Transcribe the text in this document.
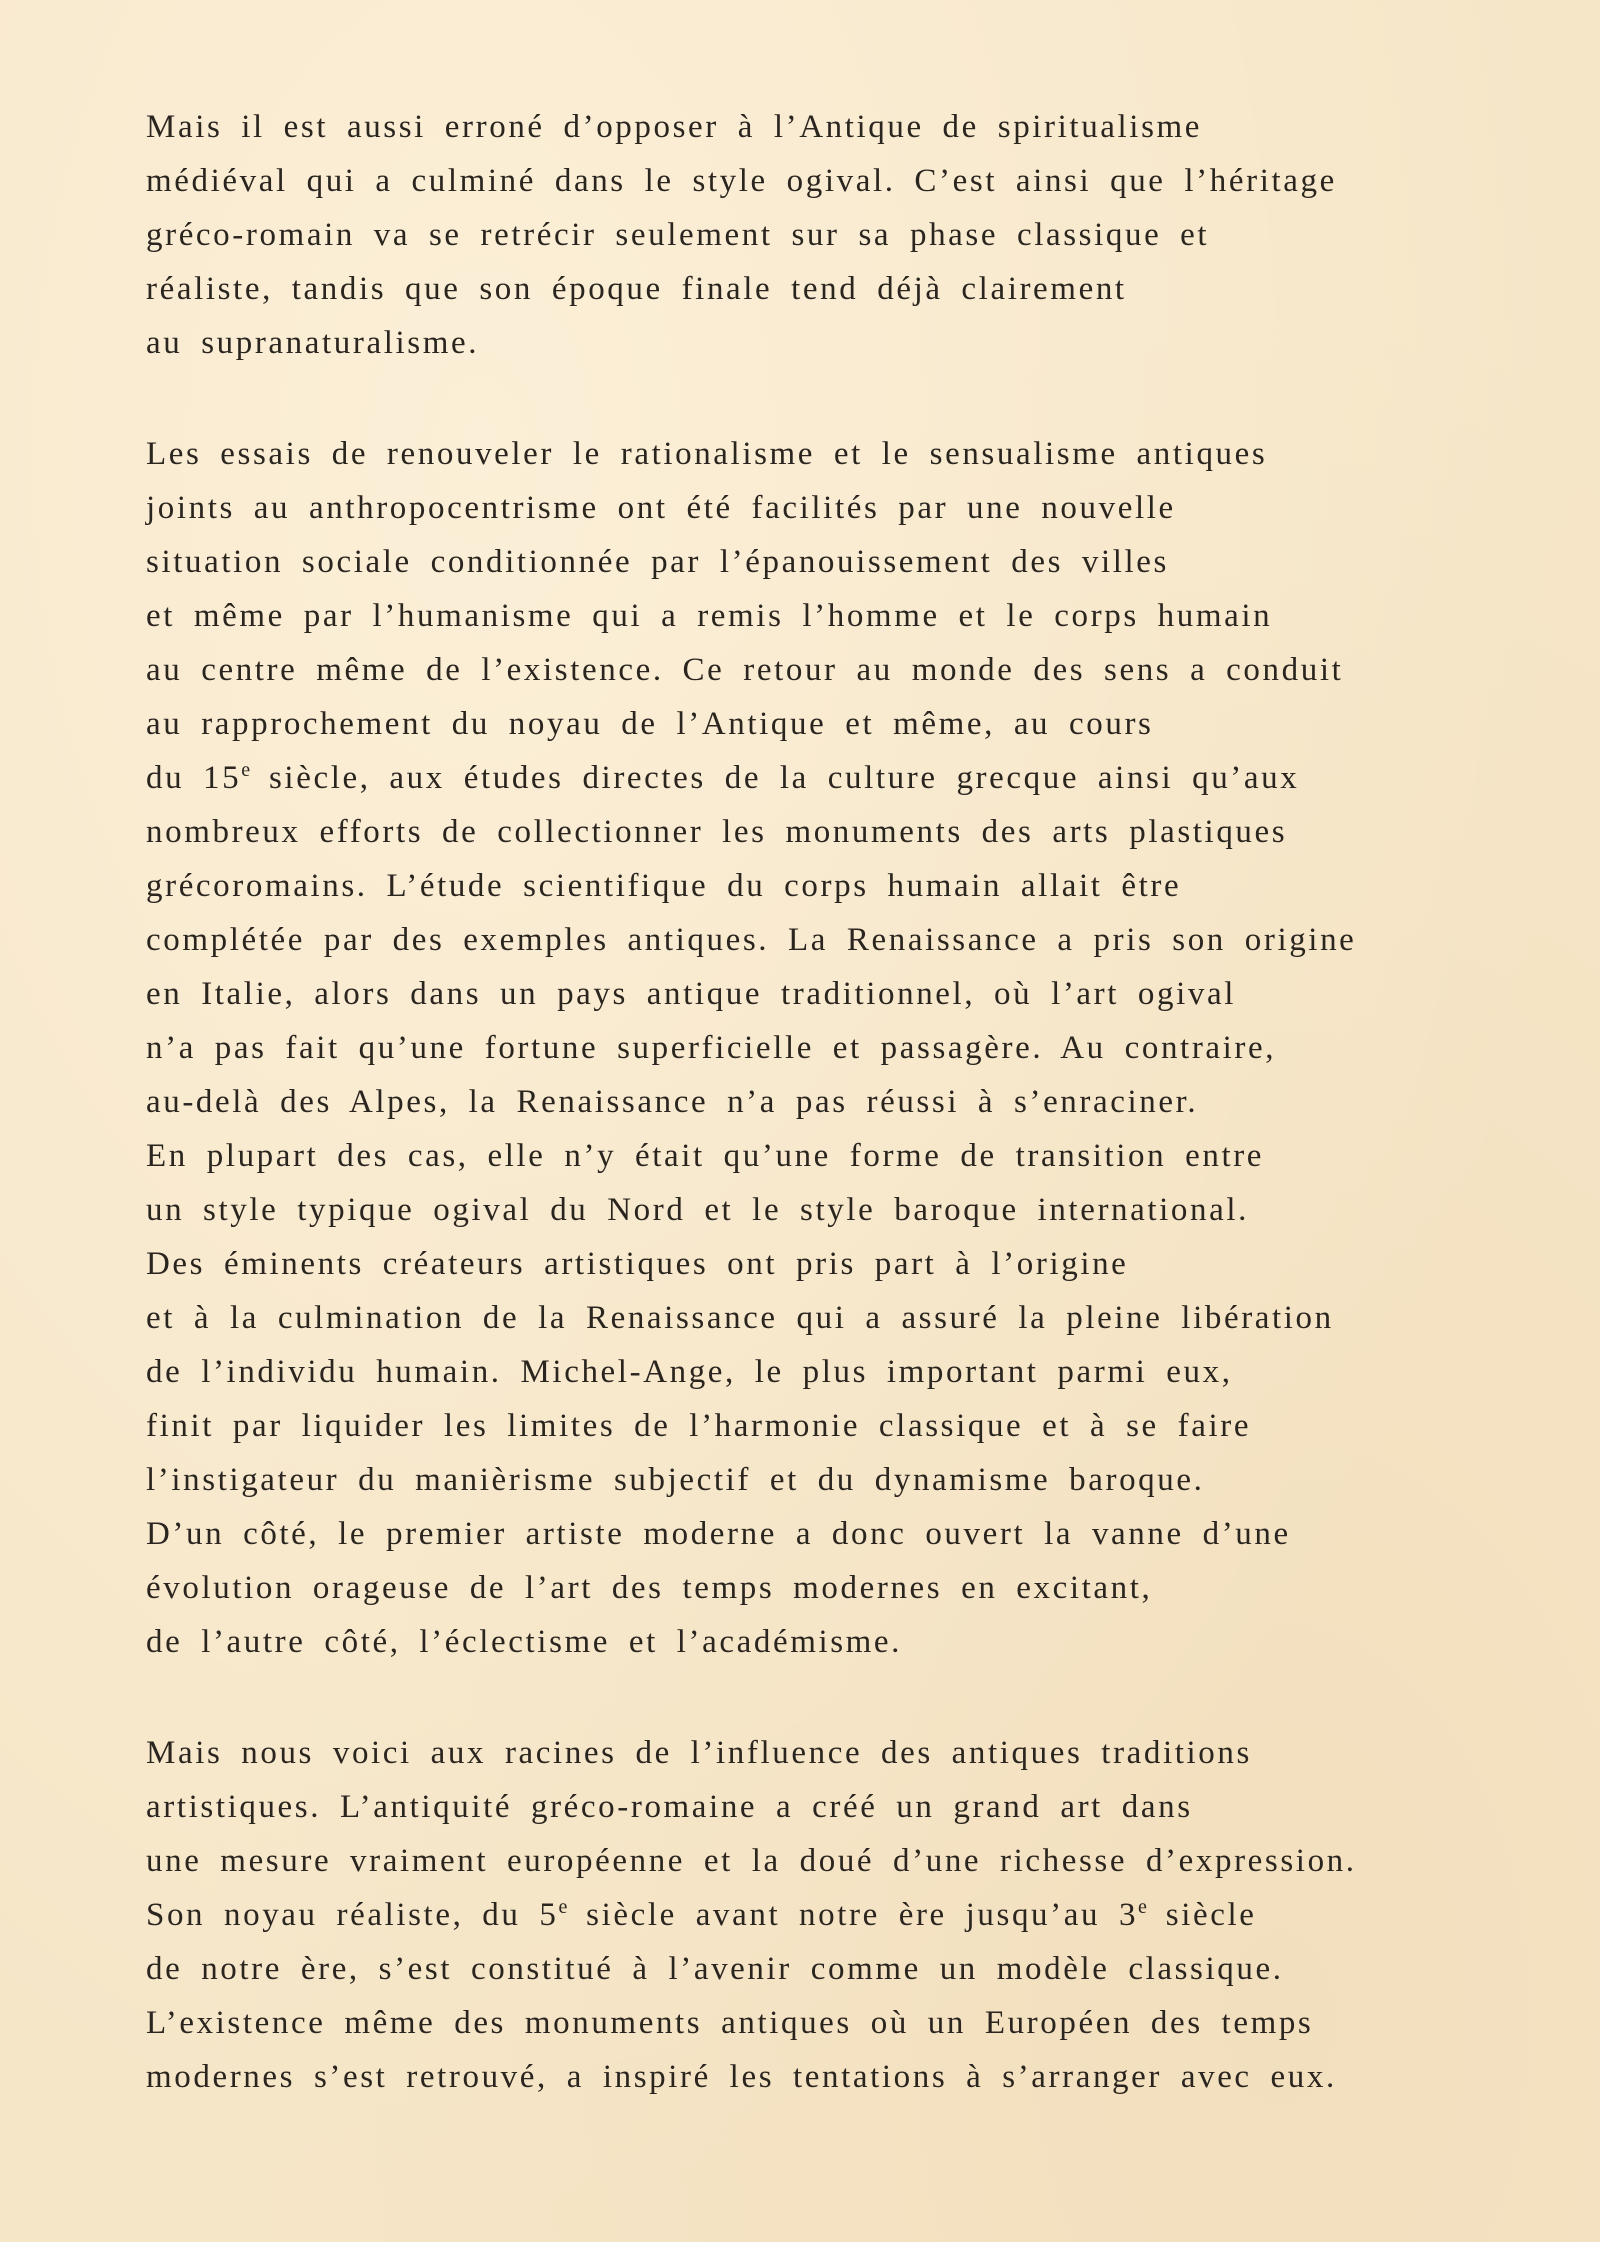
Mais il est aussi erroné d’opposer à l’Antique de spiritualisme
médiéval qui a culminé dans le style ogival. C’est ainsi que l’héritage
gréco-romain va se retrécir seulement sur sa phase classique et
réaliste, tandis que son époque finale tend déjà clairement
au supranaturalisme.
Les essais de renouveler le rationalisme et le sensualisme antiques
joints au anthropocentrisme ont été facilités par une nouvelle
situation sociale conditionnée par l’épanouissement des villes
et même par l’humanisme qui a remis l’homme et le corps humain
au centre même de l’existence. Ce retour au monde des sens a conduit
au rapprochement du noyau de l’Antique et même, au cours
du 15e siècle, aux études directes de la culture grecque ainsi qu’aux
nombreux efforts de collectionner les monuments des arts plastiques
grécoromains. L’étude scientifique du corps humain allait être
complétée par des exemples antiques. La Renaissance a pris son origine
en Italie, alors dans un pays antique traditionnel, où l’art ogival
n’a pas fait qu’une fortune superficielle et passagère. Au contraire,
au-delà des Alpes, la Renaissance n’a pas réussi à s’enraciner.
En plupart des cas, elle n’y était qu’une forme de transition entre
un style typique ogival du Nord et le style baroque international.
Des éminents créateurs artistiques ont pris part à l’origine
et à la culmination de la Renaissance qui a assuré la pleine libération
de l’individu humain. Michel-Ange, le plus important parmi eux,
finit par liquider les limites de l’harmonie classique et à se faire
l’instigateur du manièrisme subjectif et du dynamisme baroque.
D’un côté, le premier artiste moderne a donc ouvert la vanne d’une
évolution orageuse de l’art des temps modernes en excitant,
de l’autre côté, l’éclectisme et l’académisme.
Mais nous voici aux racines de l’influence des antiques traditions
artistiques. L’antiquité gréco-romaine a créé un grand art dans
une mesure vraiment européenne et la doué d’une richesse d’expression.
Son noyau réaliste, du 5e siècle avant notre ère jusqu’au 3e siècle
de notre ère, s’est constitué à l’avenir comme un modèle classique.
L’existence même des monuments antiques où un Européen des temps
modernes s’est retrouvé, a inspiré les tentations à s’arranger avec eux.
